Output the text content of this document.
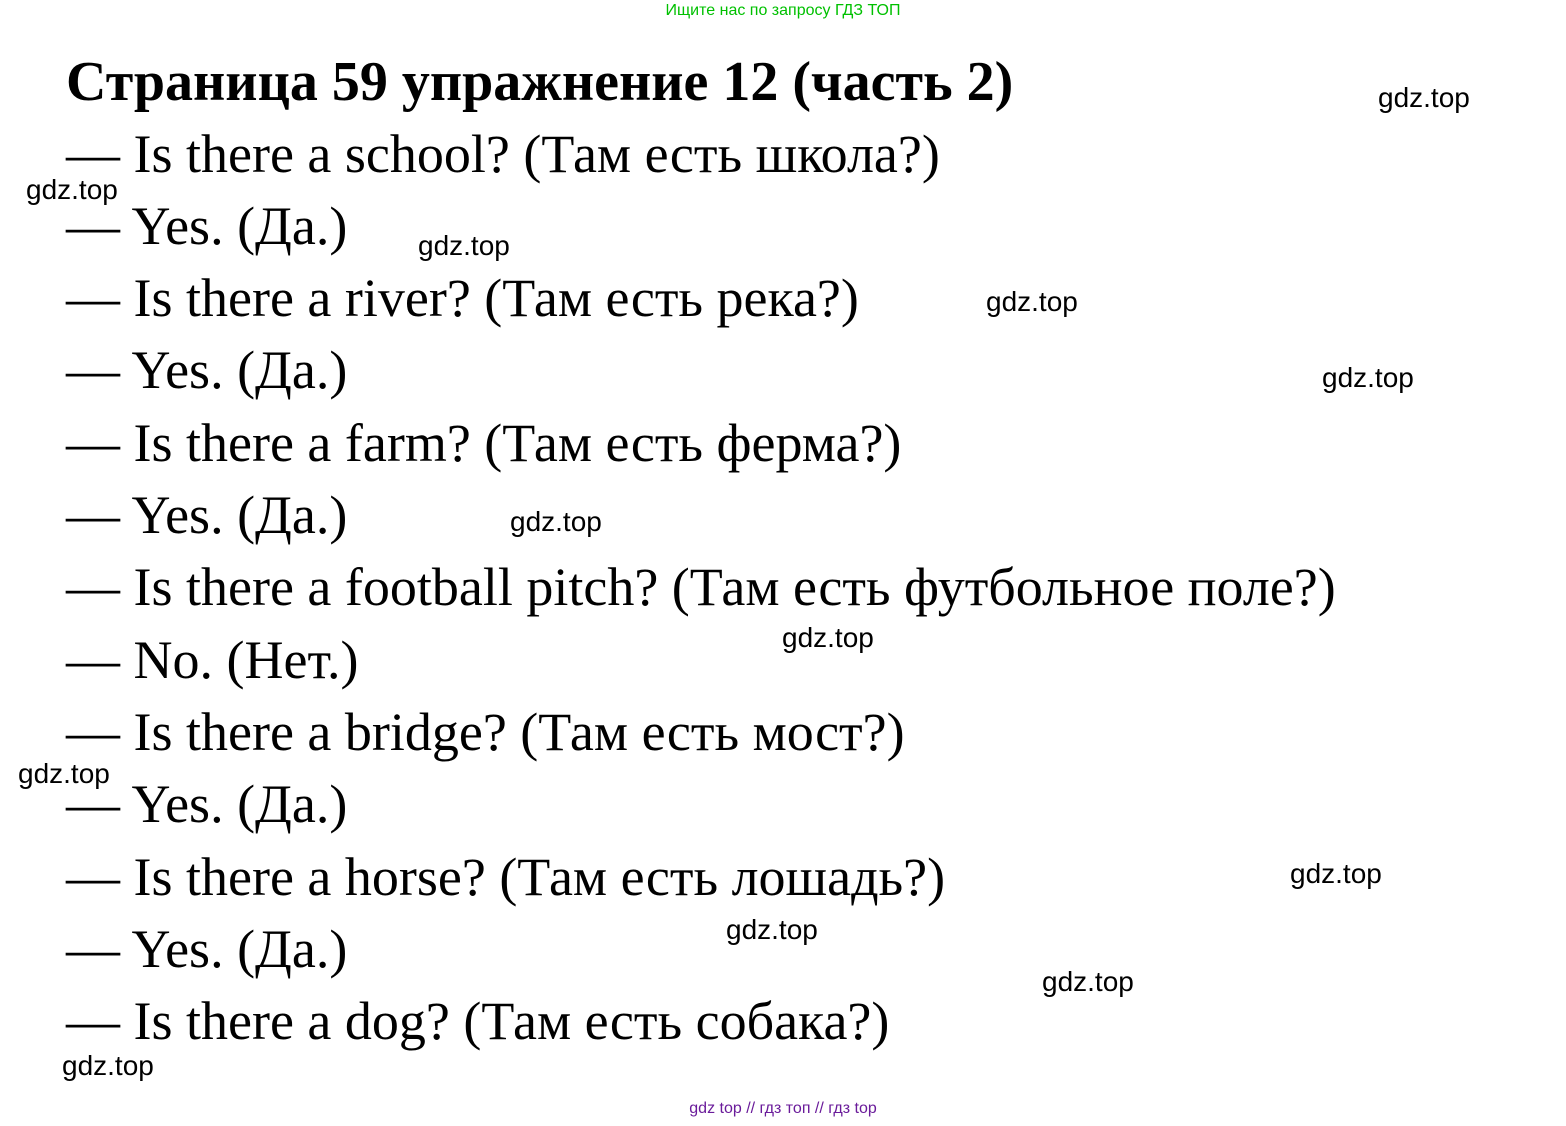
Ищите нас по запросу ГДЗ ТОП
Страница 59 упражнение 12 (часть 2)
— Is there a school? (Там есть школа?)
— Yes. (Да.)
— Is there a river? (Там есть река?)
— Yes. (Да.)
— Is there a farm? (Там есть ферма?)
— Yes. (Да.)
— Is there a football pitch? (Там есть футбольное поле?)
— No. (Нет.)
— Is there a bridge? (Там есть мост?)
— Yes. (Да.)
— Is there a horse? (Там есть лошадь?)
— Yes. (Да.)
— Is there a dog? (Там есть собака?)
gdz.top
gdz.top
gdz.top
gdz.top
gdz.top
gdz.top
gdz.top
gdz.top
gdz.top
gdz.top
gdz.top
gdz.top
gdz top // гдз топ // гдз top
